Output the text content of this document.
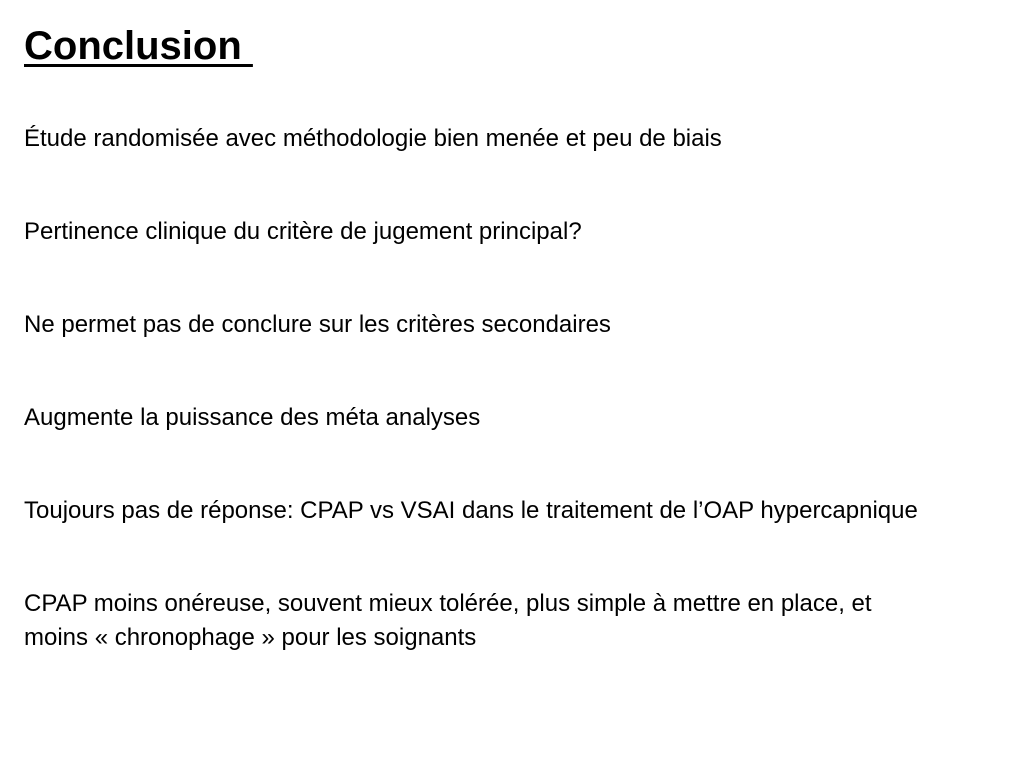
Conclusion
Étude randomisée avec méthodologie bien menée et peu de biais
Pertinence clinique du critère de jugement principal?
Ne permet pas de conclure sur les critères secondaires
Augmente la puissance des méta analyses
Toujours pas de réponse: CPAP vs VSAI dans le traitement de l’OAP hypercapnique
CPAP moins onéreuse, souvent mieux tolérée, plus simple à mettre en place, et moins « chronophage » pour les soignants
